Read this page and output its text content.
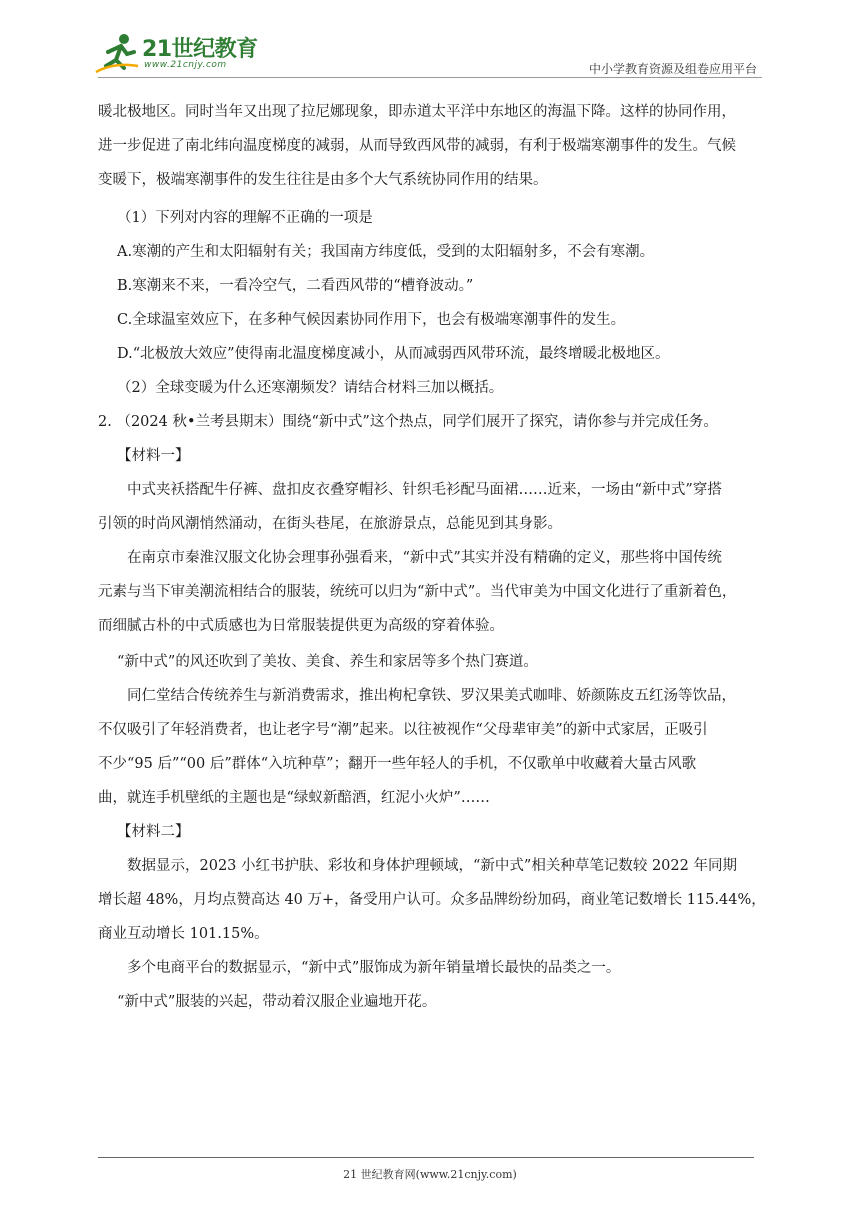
21世纪教育
www.21cnjy.com	中小学教育资源及组卷应用平台
暖北极地区。同时当年又出现了拉尼娜现象，即赤道太平洋中东地区的海温下降。这样的协同作用，
进一步促进了南北纬向温度梯度的减弱，从而导致西风带的减弱，有利于极端寒潮事件的发生。气候
变暖下，极端寒潮事件的发生往往是由多个大气系统协同作用的结果。
（1）下列对内容的理解不正确的一项是
A.寒潮的产生和太阳辐射有关；我国南方纬度低，受到的太阳辐射多，不会有寒潮。
B.寒潮来不来，一看冷空气，二看西风带的“槽脊波动。”
C.全球温室效应下，在多种气候因素协同作用下，也会有极端寒潮事件的发生。
D.“北极放大效应”使得南北温度梯度减小，从而减弱西风带环流，最终增暖北极地区。
（2）全球变暖为什么还寒潮频发？请结合材料三加以概括。
2. （2024 秋•兰考县期末）围绕“新中式”这个热点，同学们展开了探究，请你参与并完成任务。
【材料一】
中式夹袄搭配牛仔裤、盘扣皮衣叠穿帽衫、针织毛衫配马面裙……近来，一场由“新中式”穿搭
引领的时尚风潮悄然涌动，在街头巷尾，在旅游景点，总能见到其身影。
在南京市秦淮汉服文化协会理事孙强看来，“新中式”其实并没有精确的定义，那些将中国传统
元素与当下审美潮流相结合的服装，统统可以归为“新中式”。当代审美为中国文化进行了重新着色，
而细腻古朴的中式质感也为日常服装提供更为高级的穿着体验。
“新中式”的风还吹到了美妆、美食、养生和家居等多个热门赛道。
同仁堂结合传统养生与新消费需求，推出枸杞拿铁、罗汉果美式咖啡、娇颜陈皮五红汤等饮品，
不仅吸引了年轻消费者，也让老字号“潮”起来。以往被视作“父母辈审美”的新中式家居，正吸引
不少“95 后”“00 后”群体“入坑种草”；翻开一些年轻人的手机，不仅歌单中收藏着大量古风歌
曲，就连手机壁纸的主题也是“绿蚁新醅酒，红泥小火炉”……
【材料二】
数据显示，2023 小红书护肤、彩妆和身体护理顿域，“新中式”相关种草笔记数较 2022 年同期
增长超 48%，月均点赞高达 40 万+，备受用户认可。众多品牌纷纷加码，商业笔记数增长 115.44%，
商业互动增长 101.15%。
多个电商平台的数据显示，“新中式”服饰成为新年销量增长最快的品类之一。
“新中式”服装的兴起，带动着汉服企业遍地开花。
21 世纪教育网(www.21cnjy.com)
